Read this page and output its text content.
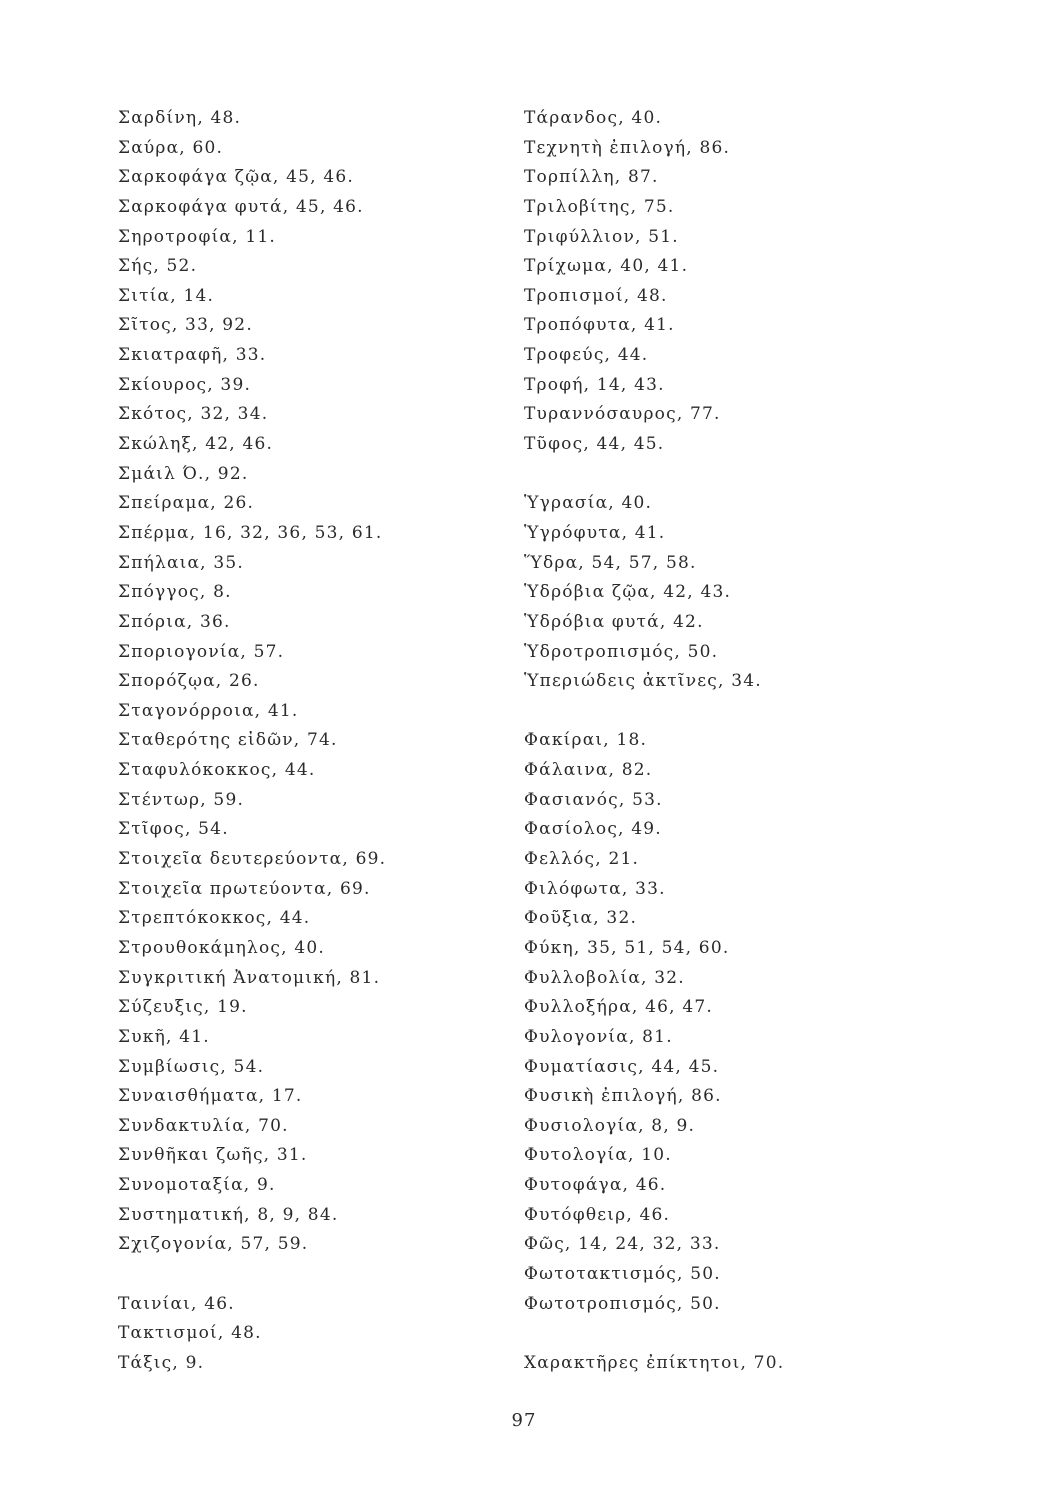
Σαρδίνη, 48.
Σαύρα, 60.
Σαρκοφάγα ζῷα, 45, 46.
Σαρκοφάγα φυτά, 45, 46.
Σηροτροφία, 11.
Σής, 52.
Σιτία, 14.
Σῖτος, 33, 92.
Σκιατραφῆ, 33.
Σκίουρος, 39.
Σκότος, 32, 34.
Σκώληξ, 42, 46.
Σμάιλ Ό., 92.
Σπείραμα, 26.
Σπέρμα, 16, 32, 36, 53, 61.
Σπήλαια, 35.
Σπόγγος, 8.
Σπόρια, 36.
Σποριογονία, 57.
Σπορόζῳα, 26.
Σταγονόρροια, 41.
Σταθερότης εἰδῶν, 74.
Σταφυλόκοκκος, 44.
Στέντωρ, 59.
Στῖφος, 54.
Στοιχεῖα δευτερεύοντα, 69.
Στοιχεῖα πρωτεύοντα, 69.
Στρεπτόκοκκος, 44.
Στρουθοκάμηλος, 40.
Συγκριτική Ἀνατομική, 81.
Σύζευξις, 19.
Συκῆ, 41.
Συμβίωσις, 54.
Συναισθήματα, 17.
Συνδακτυλία, 70.
Συνθῆκαι ζωῆς, 31.
Συνομοταξία, 9.
Συστηματική, 8, 9, 84.
Σχιζογονία, 57, 59.
Ταινίαι, 46.
Τακτισμοί, 48.
Τάξις, 9.
Τάρανδος, 40.
Τεχνητὴ ἐπιλογή, 86.
Τορπίλλη, 87.
Τριλοβίτης, 75.
Τριφύλλιον, 51.
Τρίχωμα, 40, 41.
Τροπισμοί, 48.
Τροπόφυτα, 41.
Τροφεύς, 44.
Τροφή, 14, 43.
Τυραννόσαυρος, 77.
Τῦφος, 44, 45.
Ὑγρασία, 40.
Ὑγρόφυτα, 41.
Ὕδρα, 54, 57, 58.
Ὑδρόβια ζῷα, 42, 43.
Ὑδρόβια φυτά, 42.
Ὑδροτροπισμός, 50.
Ὑπεριώδεις ἀκτῖνες, 34.
Φακίραι, 18.
Φάλαινα, 82.
Φασιανός, 53.
Φασίολος, 49.
Φελλός, 21.
Φιλόφωτα, 33.
Φοῦξια, 32.
Φύκη, 35, 51, 54, 60.
Φυλλοβολία, 32.
Φυλλοξήρα, 46, 47.
Φυλογονία, 81.
Φυματίασις, 44, 45.
Φυσικὴ ἐπιλογή, 86.
Φυσιολογία, 8, 9.
Φυτολογία, 10.
Φυτοφάγα, 46.
Φυτόφθειρ, 46.
Φῶς, 14, 24, 32, 33.
Φωτοτακτισμός, 50.
Φωτοτροπισμός, 50.
Χαρακτῆρες ἐπίκτητοι, 70.
97
